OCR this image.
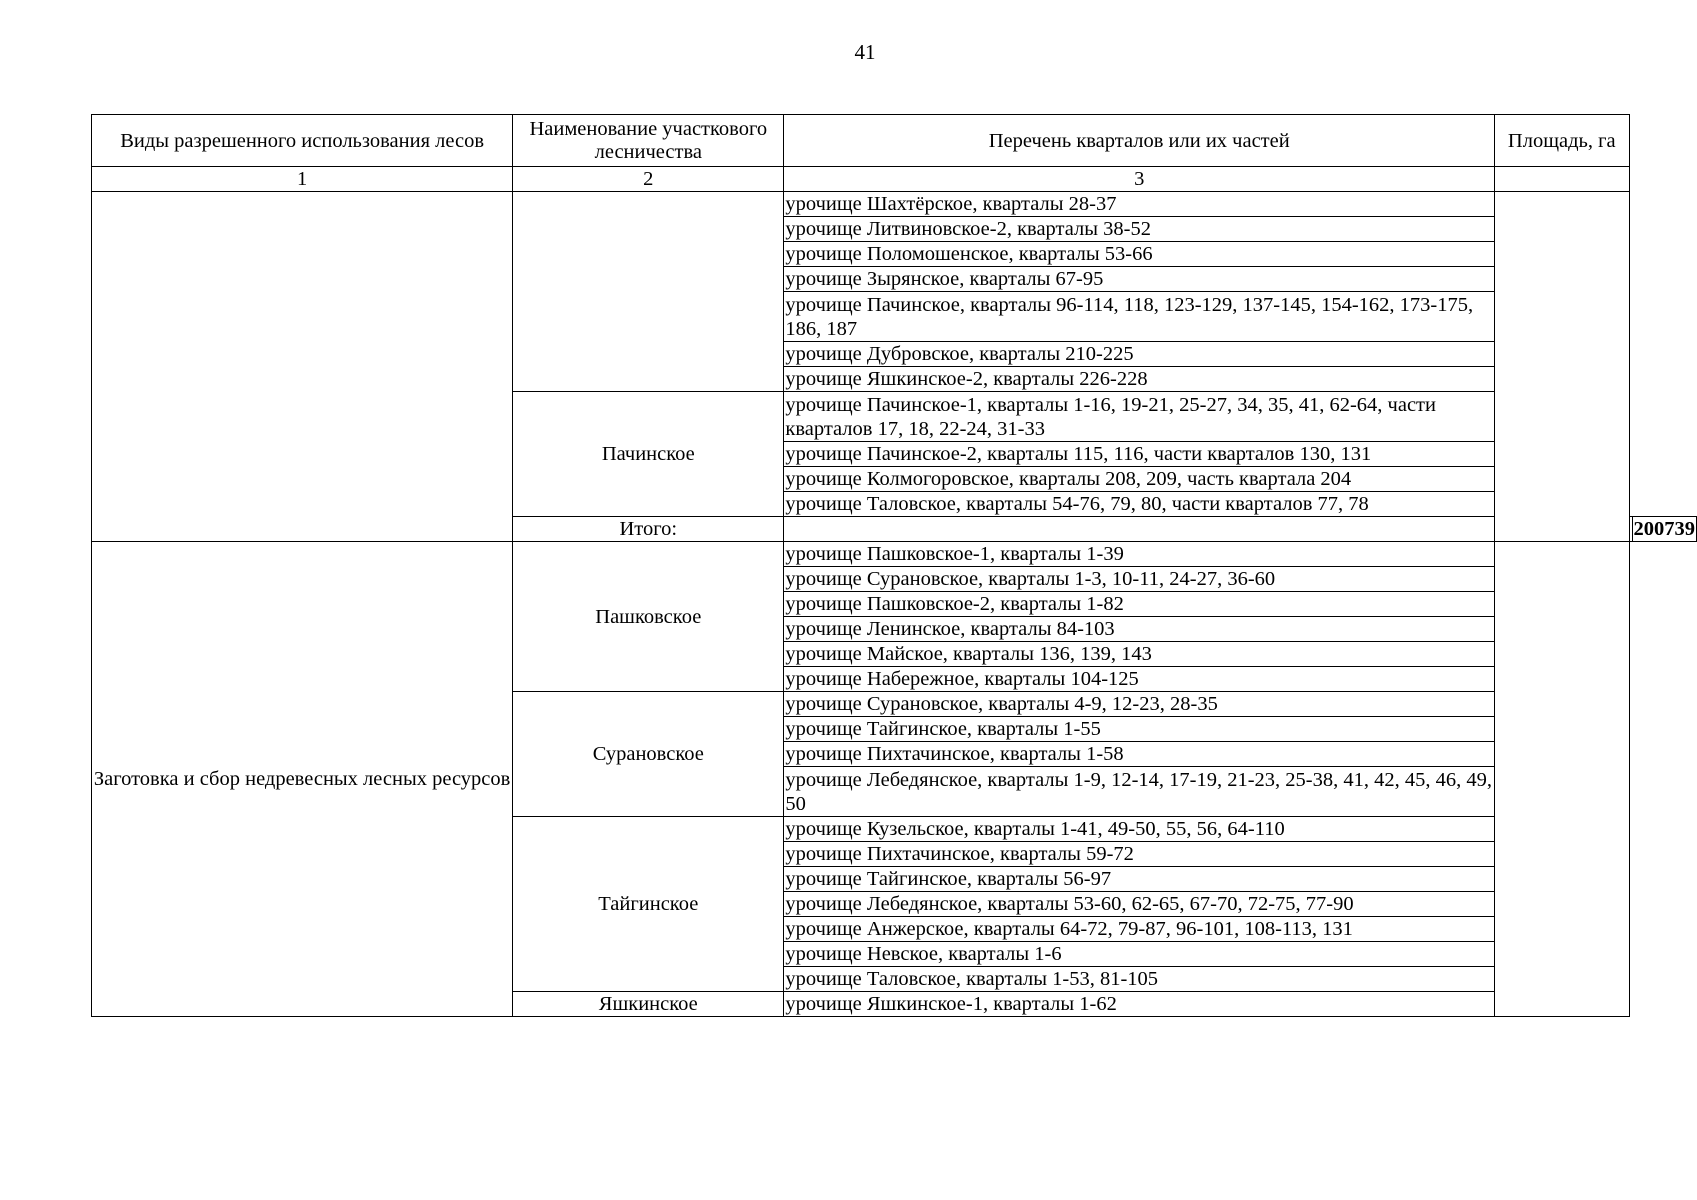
41
Виды разрешенного использования лесов	Наименование участкового лесничества	Перечень кварталов или их частей	Площадь, га		
1	2	3			
		урочище Шахтёрское, кварталы 28-37			
		урочище Литвиновское-2, кварталы 38-52			
		урочище Поломошенское, кварталы 53-66			
		урочище Зырянское, кварталы 67-95			
		урочище Пачинское, кварталы 96-114, 118, 123-129, 137-145, 154-162, 173-175, 186, 187			
		урочище Дубровское, кварталы 210-225			
		урочище Яшкинское-2, кварталы 226-228			
	Пачинское	урочище Пачинское-1, кварталы 1-16, 19-21, 25-27, 34, 35, 41, 62-64, части кварталов 17, 18, 22-24, 31-33			
		урочище Пачинское-2, кварталы 115, 116, части кварталов 130, 131			
		урочище Колмогоровское, кварталы 208, 209, часть квартала 204			
		урочище Таловское, кварталы 54-76, 79, 80, части кварталов 77, 78			
	Итого:				200739
Заготовка и сбор недревесных лесных ресурсов	Пашковское	урочище Пашковское-1, кварталы 1-39			
		урочище Сурановское, кварталы 1-3, 10-11, 24-27, 36-60			
		урочище Пашковское-2, кварталы 1-82			
		урочище Ленинское, кварталы 84-103			
		урочище Майское, кварталы 136, 139, 143			
		урочище Набережное, кварталы 104-125			
	Сурановское	урочище Сурановское, кварталы 4-9, 12-23, 28-35			
		урочище Тайгинское, кварталы 1-55			
		урочище Пихтачинское, кварталы 1-58			
		урочище Лебедянское, кварталы 1-9, 12-14, 17-19, 21-23, 25-38, 41, 42, 45, 46, 49, 50			
	Тайгинское	урочище Кузельское, кварталы 1-41, 49-50, 55, 56, 64-110			
		урочище Пихтачинское, кварталы 59-72			
		урочище Тайгинское, кварталы 56-97			
		урочище Лебедянское, кварталы 53-60, 62-65, 67-70, 72-75, 77-90			
		урочище Анжерское, кварталы 64-72, 79-87, 96-101, 108-113, 131			
		урочище Невское, кварталы 1-6			
		урочище Таловское, кварталы 1-53, 81-105			
	Яшкинское	урочище Яшкинское-1, кварталы 1-62			
